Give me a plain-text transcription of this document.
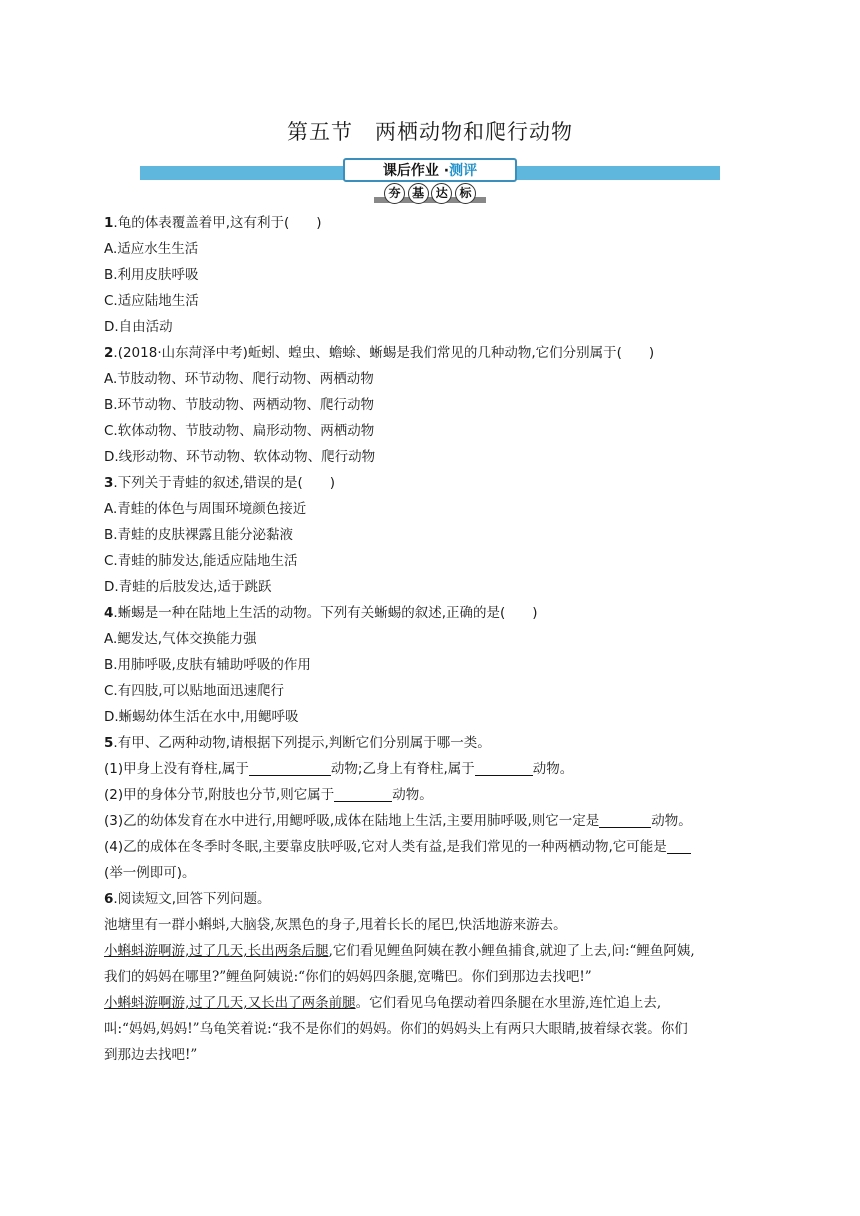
第五节　两栖动物和爬行动物
课后作业 · 测评
夯 基 达 标
1.龟的体表覆盖着甲,这有利于(　　)
A.适应水生生活
B.利用皮肤呼吸
C.适应陆地生活
D.自由活动
2.(2018·山东菏泽中考)蚯蚓、蝗虫、蟾蜍、蜥蜴是我们常见的几种动物,它们分别属于(　　)
A.节肢动物、环节动物、爬行动物、两栖动物
B.环节动物、节肢动物、两栖动物、爬行动物
C.软体动物、节肢动物、扁形动物、两栖动物
D.线形动物、环节动物、软体动物、爬行动物
3.下列关于青蛙的叙述,错误的是(　　)
A.青蛙的体色与周围环境颜色接近
B.青蛙的皮肤裸露且能分泌黏液
C.青蛙的肺发达,能适应陆地生活
D.青蛙的后肢发达,适于跳跃
4.蜥蜴是一种在陆地上生活的动物。下列有关蜥蜴的叙述,正确的是(　　)
A.鳃发达,气体交换能力强
B.用肺呼吸,皮肤有辅助呼吸的作用
C.有四肢,可以贴地面迅速爬行
D.蜥蜴幼体生活在水中,用鳃呼吸
5.有甲、乙两种动物,请根据下列提示,判断它们分别属于哪一类。
(1)甲身上没有脊柱,属于	动物;乙身上有脊柱,属于	动物。
(2)甲的身体分节,附肢也分节,则它属于	动物。
(3)乙的幼体发育在水中进行,用鳃呼吸,成体在陆地上生活,主要用肺呼吸,则它一定是	动物。
(4)乙的成体在冬季时冬眠,主要靠皮肤呼吸,它对人类有益,是我们常见的一种两栖动物,它可能是
(举一例即可)。
6.阅读短文,回答下列问题。
池塘里有一群小蝌蚪,大脑袋,灰黑色的身子,甩着长长的尾巴,快活地游来游去。
小蝌蚪游啊游,过了几天,长出两条后腿,它们看见鲤鱼阿姨在教小鲤鱼捕食,就迎了上去,问:“鲤鱼阿姨,
我们的妈妈在哪里?”鲤鱼阿姨说:“你们的妈妈四条腿,宽嘴巴。你们到那边去找吧!”
小蝌蚪游啊游,过了几天,又长出了两条前腿。它们看见乌龟摆动着四条腿在水里游,连忙追上去,
叫:“妈妈,妈妈!”乌龟笑着说:“我不是你们的妈妈。你们的妈妈头上有两只大眼睛,披着绿衣裳。你们
到那边去找吧!”
